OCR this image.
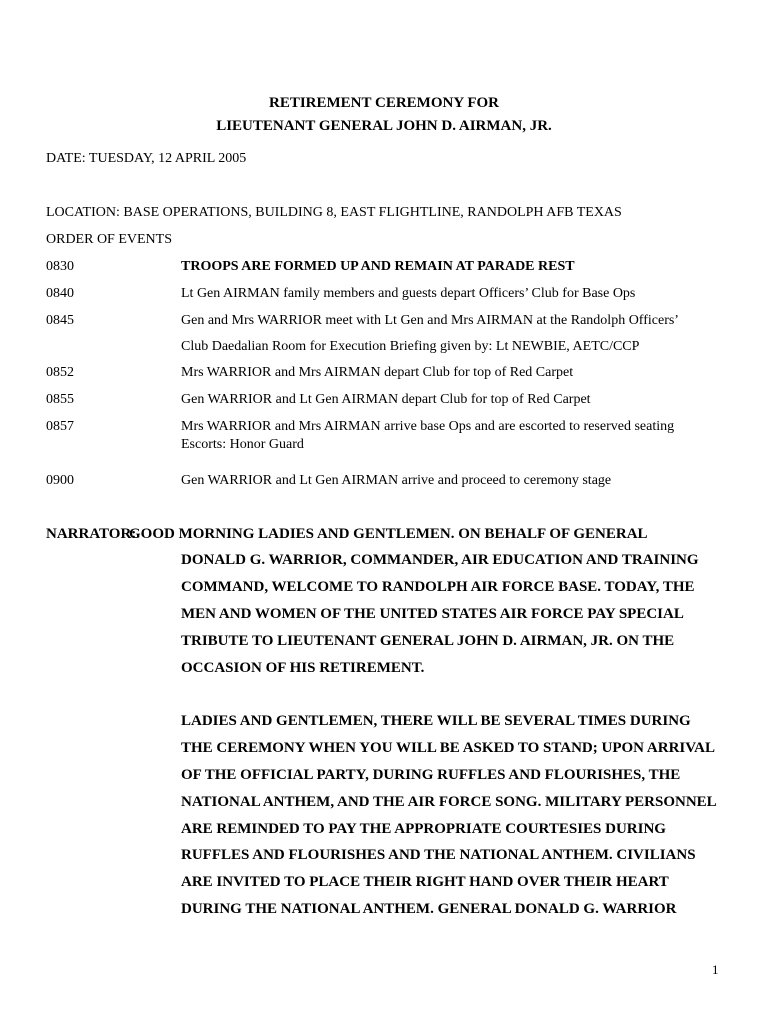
RETIREMENT CEREMONY FOR
LIEUTENANT GENERAL JOHN D. AIRMAN, JR.
DATE: TUESDAY, 12 APRIL 2005
LOCATION: BASE OPERATIONS, BUILDING 8, EAST FLIGHTLINE, RANDOLPH AFB TEXAS
ORDER OF EVENTS
0830	TROOPS ARE FORMED UP AND REMAIN AT PARADE REST
0840	Lt Gen AIRMAN family members and guests depart Officers’ Club for Base Ops
0845	Gen and Mrs WARRIOR meet with Lt Gen and Mrs AIRMAN at the Randolph Officers’
Club Daedalian Room for Execution Briefing given by: Lt NEWBIE, AETC/CCP
0852	Mrs WARRIOR and Mrs AIRMAN depart Club for top of Red Carpet
0855	Gen WARRIOR and Lt Gen AIRMAN depart Club for top of Red Carpet
0857	Mrs WARRIOR and Mrs AIRMAN arrive base Ops and are escorted to reserved seating
Escorts: Honor Guard
0900	Gen WARRIOR and Lt Gen AIRMAN arrive and proceed to ceremony stage
NARRATOR:
GOOD MORNING LADIES AND GENTLEMEN. ON BEHALF OF GENERAL
DONALD G. WARRIOR, COMMANDER, AIR EDUCATION AND TRAINING
COMMAND, WELCOME TO RANDOLPH AIR FORCE BASE. TODAY, THE
MEN AND WOMEN OF THE UNITED STATES AIR FORCE PAY SPECIAL
TRIBUTE TO LIEUTENANT GENERAL JOHN D. AIRMAN, JR. ON THE
OCCASION OF HIS RETIREMENT.
LADIES AND GENTLEMEN, THERE WILL BE SEVERAL TIMES DURING
THE CEREMONY WHEN YOU WILL BE ASKED TO STAND; UPON ARRIVAL
OF THE OFFICIAL PARTY, DURING RUFFLES AND FLOURISHES, THE
NATIONAL ANTHEM, AND THE AIR FORCE SONG. MILITARY PERSONNEL
ARE REMINDED TO PAY THE APPROPRIATE COURTESIES DURING
RUFFLES AND FLOURISHES AND THE NATIONAL ANTHEM. CIVILIANS
ARE INVITED TO PLACE THEIR RIGHT HAND OVER THEIR HEART
DURING THE NATIONAL ANTHEM. GENERAL DONALD G. WARRIOR
1
